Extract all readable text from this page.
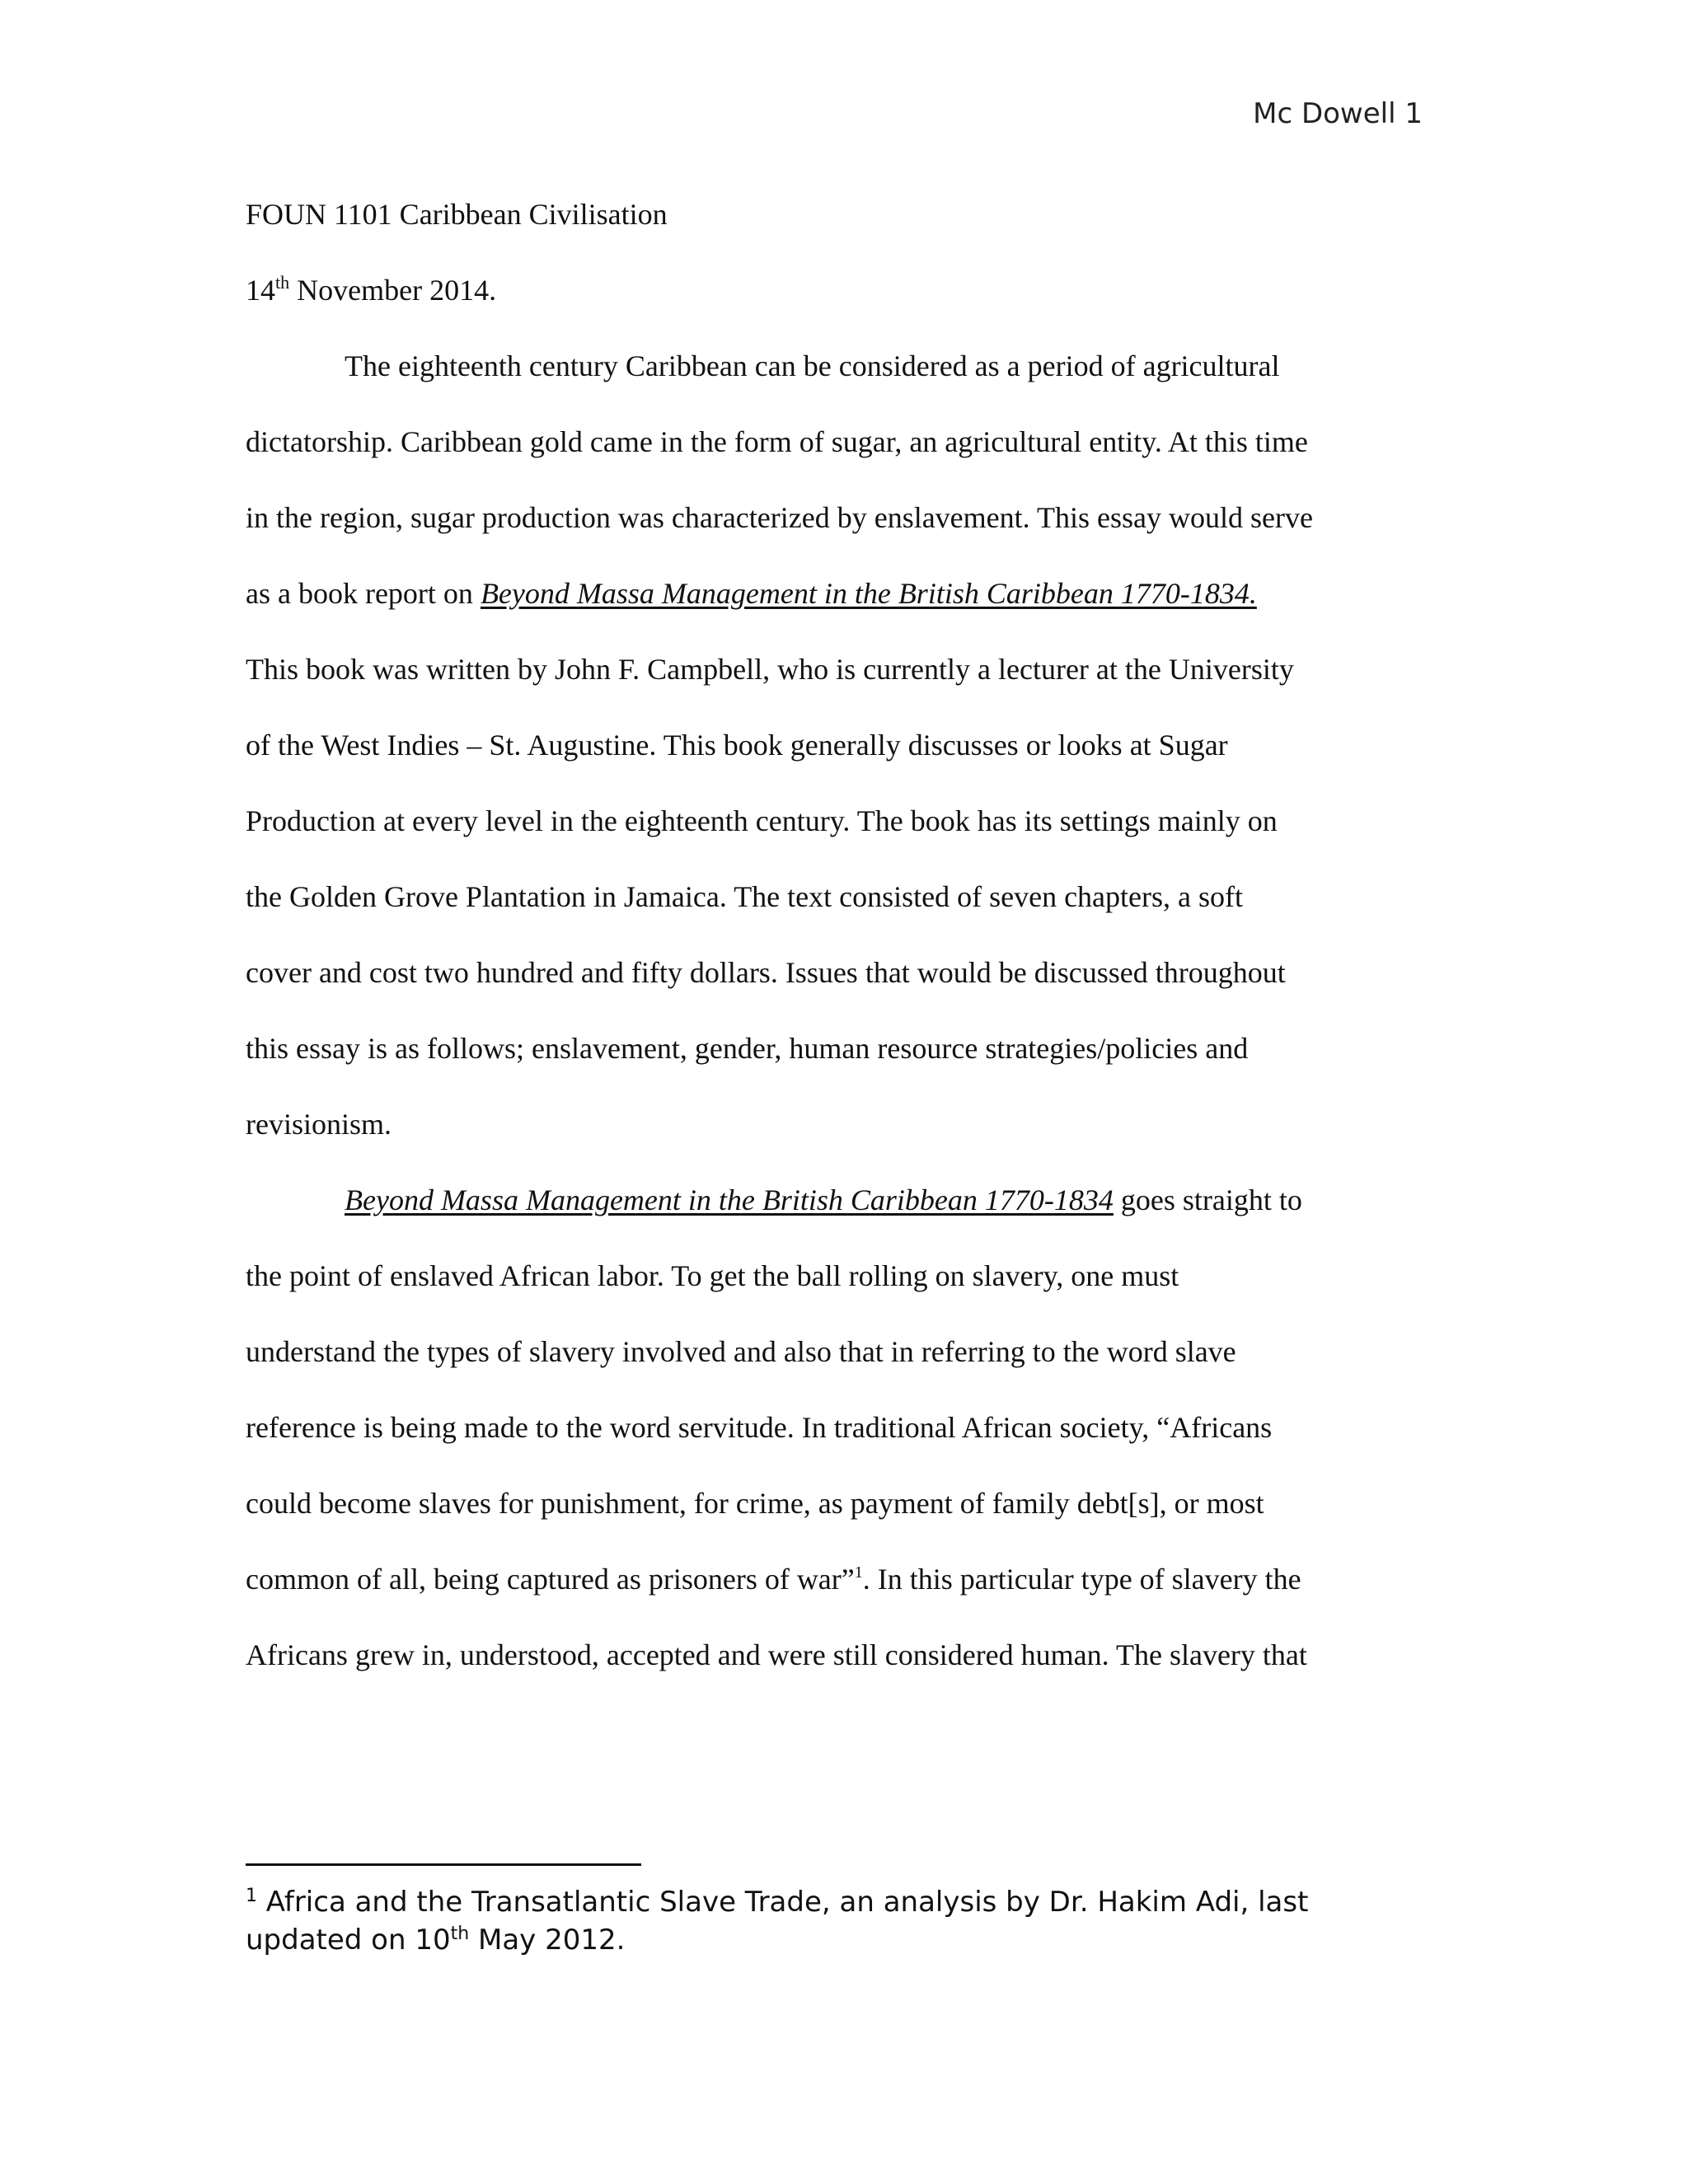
Mc Dowell 1
FOUN 1101 Caribbean Civilisation
14th November 2014.
The eighteenth century Caribbean can be considered as a period of agricultural
dictatorship. Caribbean gold came in the form of sugar, an agricultural entity. At this time
in the region, sugar production was characterized by enslavement. This essay would serve
as a book report on Beyond Massa Management in the British Caribbean 1770-1834.
This book was written by John F. Campbell, who is currently a lecturer at the University
of the West Indies – St. Augustine. This book generally discusses or looks at Sugar
Production at every level in the eighteenth century. The book has its settings mainly on
the Golden Grove Plantation in Jamaica. The text consisted of seven chapters, a soft
cover and cost two hundred and fifty dollars. Issues that would be discussed throughout
this essay is as follows; enslavement, gender, human resource strategies/policies and
revisionism.
Beyond Massa Management in the British Caribbean 1770-1834 goes straight to
the point of enslaved African labor. To get the ball rolling on slavery, one must
understand the types of slavery involved and also that in referring to the word slave
reference is being made to the word servitude. In traditional African society, “Africans
could become slaves for punishment, for crime, as payment of family debt[s], or most
common of all, being captured as prisoners of war”$^1$. In this particular type of slavery the
Africans grew in, understood, accepted and were still considered human. The slavery that
$^1$ Africa and the Transatlantic Slave Trade, an analysis by Dr. Hakim Adi, last
updated on 10th May 2012.
